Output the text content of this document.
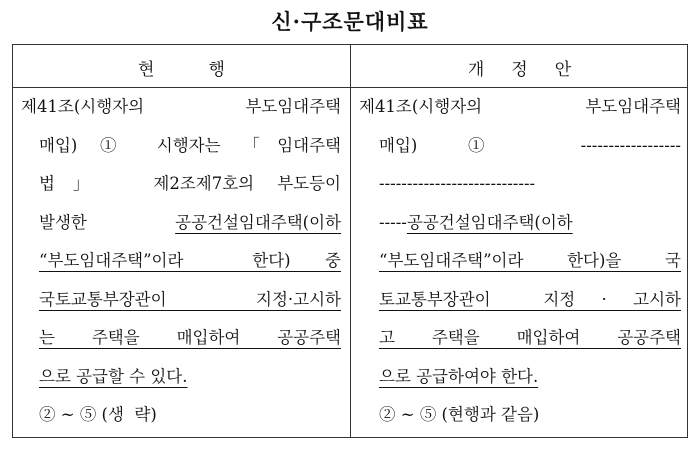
신·구조문대비표
현          행	개     정     안
제41조(시행자의   부도임대주택
매입) ① 시행자는 「임대주택
법」  제2조제7호의 부도등이
발생한 공공건설임대주택(이하
“부도임대주택”이라  한다) 중
국토교통부장관이 지정·고시하
는 주택을 매입하여 공공주택
으로 공급할 수 있다.
② ~ ⑤ (생  략)
제41조(시행자의   부도임대주택
매입) ① ------------------
----------------------------
-----공공건설임대주택(이하
“부도임대주택”이라 한다)을 국
토교통부장관이  지정 · 고시하
고 주택을 매입하여 공공주택
으로 공급하여야 한다.
② ~ ⑤ (현행과 같음)
